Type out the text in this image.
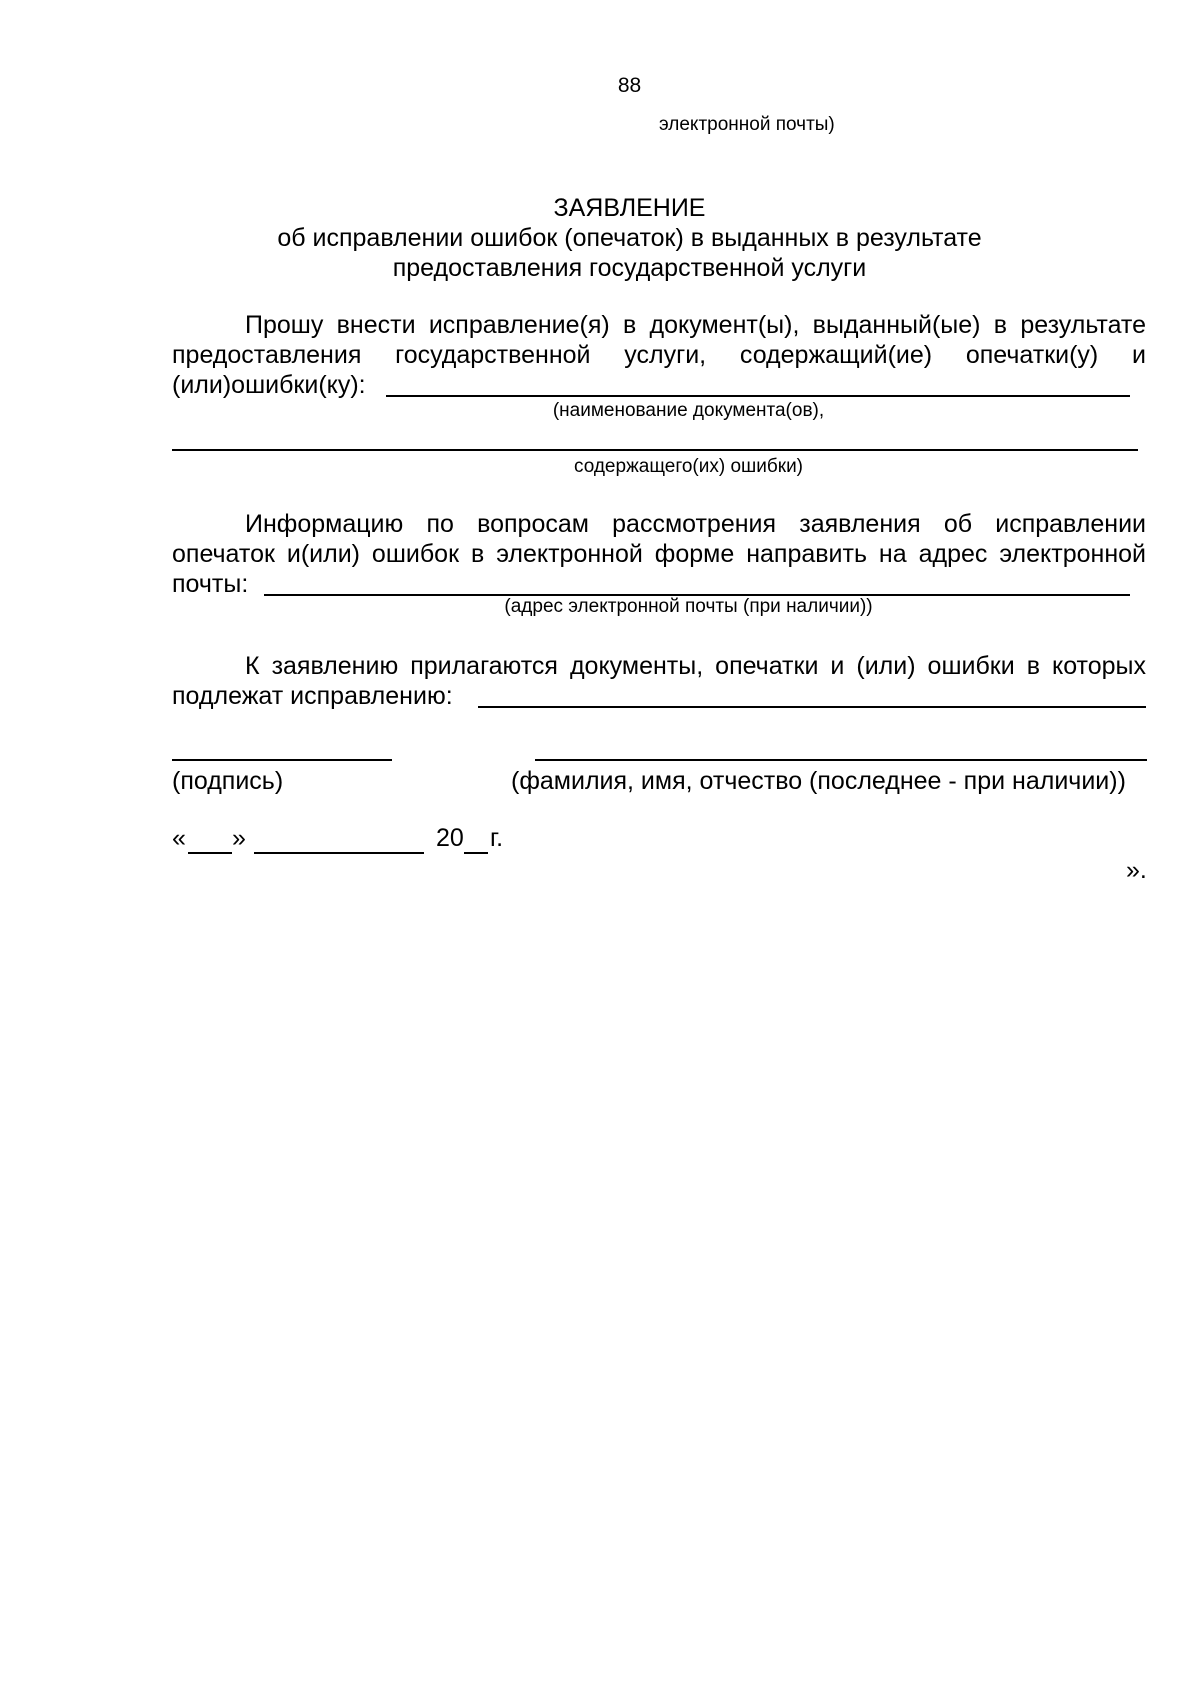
88
электронной почты)
ЗАЯВЛЕНИЕ
об исправлении ошибок (опечаток) в выданных в результате
предоставления государственной услуги
Прошу внести исправление(я) в документ(ы), выданный(ые) в результате
предоставления государственной услуги, содержащий(ие) опечатки(у) и
(или)ошибки(ку):
(наименование документа(ов),
содержащего(их) ошибки)
Информацию по вопросам рассмотрения заявления об исправлении
опечаток и(или) ошибок в электронной форме направить на адрес электронной
почты:
(адрес электронной почты (при наличии))
К заявлению прилагаются документы, опечатки и (или) ошибки в которых
подлежат исправлению:
(подпись)	(фамилия, имя, отчество (последнее - при наличии))
« »	20 г.
».
